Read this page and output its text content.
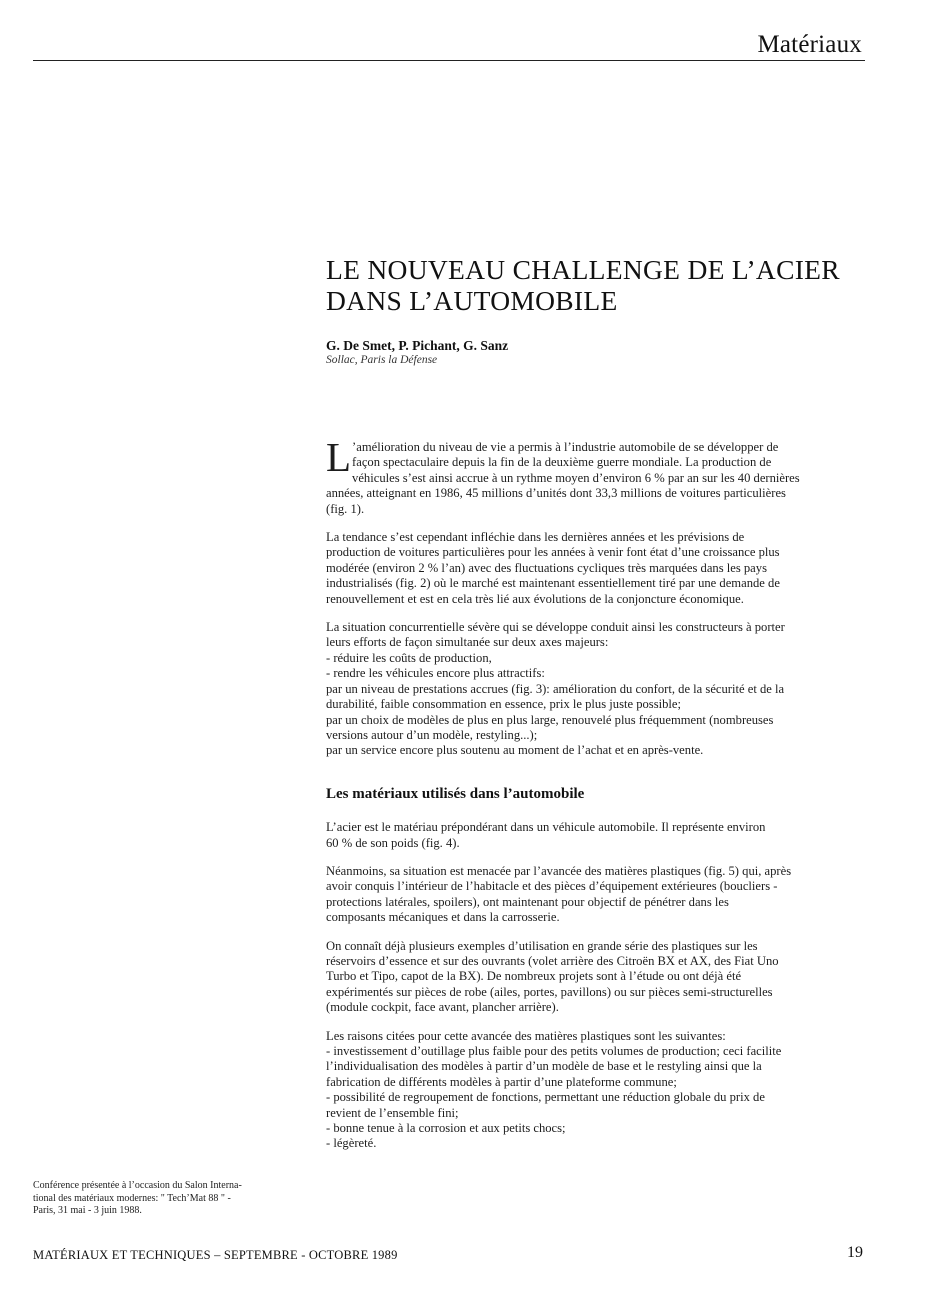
Matériaux
LE NOUVEAU CHALLENGE DE L’ACIER
DANS L’AUTOMOBILE
G. De Smet, P. Pichant, G. Sanz
Sollac, Paris la Défense

L ’amélioration du niveau de vie a permis à l’industrie automobile de se développer de
façon spectaculaire depuis la fin de la deuxième guerre mondiale. La production de
véhicules s’est ainsi accrue à un rythme moyen d’environ 6 % par an sur les 40 dernières
années, atteignant en 1986, 45 millions d’unités dont 33,3 millions de voitures particulières
(fig. 1).

La tendance s’est cependant infléchie dans les dernières années et les prévisions de
production de voitures particulières pour les années à venir font état d’une croissance plus
modérée (environ 2 % l’an) avec des fluctuations cycliques très marquées dans les pays
industrialisés (fig. 2) où le marché est maintenant essentiellement tiré par une demande de
renouvellement et est en cela très lié aux évolutions de la conjoncture économique.

La situation concurrentielle sévère qui se développe conduit ainsi les constructeurs à porter
leurs efforts de façon simultanée sur deux axes majeurs:
- réduire les coûts de production,
- rendre les véhicules encore plus attractifs:
par un niveau de prestations accrues (fig. 3): amélioration du confort, de la sécurité et de la
durabilité, faible consommation en essence, prix le plus juste possible;
par un choix de modèles de plus en plus large, renouvelé plus fréquemment (nombreuses
versions autour d’un modèle, restyling...);
par un service encore plus soutenu au moment de l’achat et en après-vente.

Les matériaux utilisés dans l’automobile

L’acier est le matériau prépondérant dans un véhicule automobile. Il représente environ
60 % de son poids (fig. 4).

Néanmoins, sa situation est menacée par l’avancée des matières plastiques (fig. 5) qui, après
avoir conquis l’intérieur de l’habitacle et des pièces d’équipement extérieures (boucliers -
protections latérales, spoilers), ont maintenant pour objectif de pénétrer dans les
composants mécaniques et dans la carrosserie.

On connaît déjà plusieurs exemples d’utilisation en grande série des plastiques sur les
réservoirs d’essence et sur des ouvrants (volet arrière des Citroën BX et AX, des Fiat Uno
Turbo et Tipo, capot de la BX). De nombreux projets sont à l’étude ou ont déjà été
expérimentés sur pièces de robe (ailes, portes, pavillons) ou sur pièces semi-structurelles
(module cockpit, face avant, plancher arrière).

Les raisons citées pour cette avancée des matières plastiques sont les suivantes:
- investissement d’outillage plus faible pour des petits volumes de production; ceci facilite
l’individualisation des modèles à partir d’un modèle de base et le restyling ainsi que la
fabrication de différents modèles à partir d’une plateforme commune;
- possibilité de regroupement de fonctions, permettant une réduction globale du prix de
revient de l’ensemble fini;
- bonne tenue à la corrosion et aux petits chocs;
- légèreté.

Conférence présentée à l’occasion du Salon Interna-
tional des matériaux modernes: " Tech’Mat 88 " -
Paris, 31 mai - 3 juin 1988.
MATÉRIAUX ET TECHNIQUES – SEPTEMBRE - OCTOBRE 1989	19
